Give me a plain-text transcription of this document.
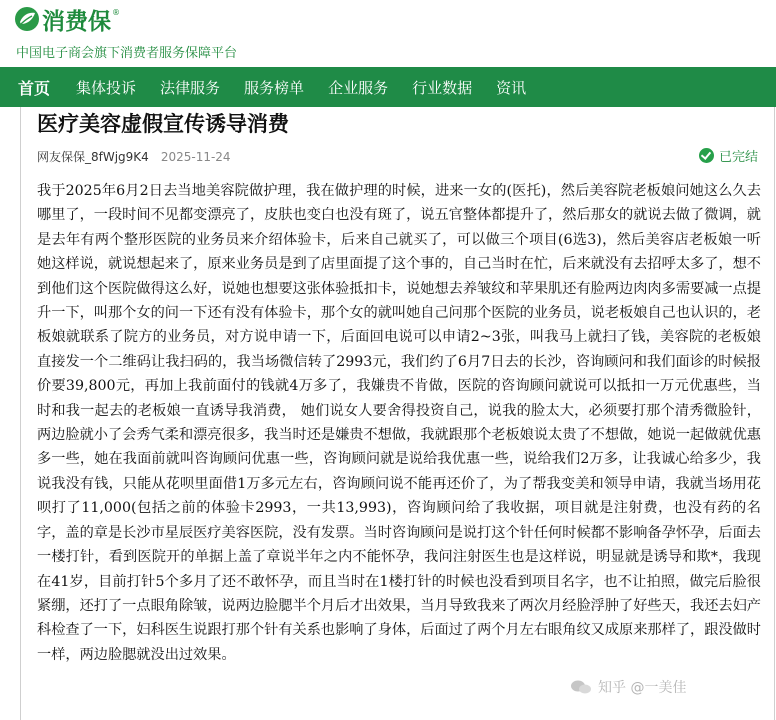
消费保 ®
中国电子商会旗下消费者服务保障平台
首页 集体投诉 法律服务 服务榜单 企业服务 行业数据 资讯
医疗美容虚假宣传诱导消费
网友保保_8fWjg9K4 2025-11-24	已完结

我于2025年6月2日去当地美容院做护理，我在做护理的时候，进来一女的(医托)，然后美容院老板娘问她这么久去哪里了，一段时间不见都变漂亮了，皮肤也变白也没有斑了，说五官整体都提升了，然后那女的就说去做了微调，就是去年有两个整形医院的业务员来介绍体验卡，后来自己就买了，可以做三个项目(6选3)，然后美容店老板娘一听她这样说，就说想起来了，原来业务员是到了店里面提了这个事的，自己当时在忙，后来就没有去招呼太多了，想不到他们这个医院做得这么好，说她也想要这张体验抵扣卡，说她想去养皱纹和苹果肌还有脸两边肉肉多需要减一点提升一下，叫那个女的问一下还有没有体验卡，那个女的就叫她自己问那个医院的业务员，说老板娘自己也认识的，老板娘就联系了院方的业务员，对方说申请一下，后面回电说可以申请2~3张，叫我马上就扫了钱，美容院的老板娘直接发一个二维码让我扫码的，我当场微信转了2993元，我们约了6月7日去的长沙，咨询顾问和我们面诊的时候报价要39,800元，再加上我前面付的钱就4万多了，我嫌贵不肯做，医院的咨询顾问就说可以抵扣一万元优惠些，当时和我一起去的老板娘一直诱导我消费， 她们说女人要舍得投资自己，说我的脸太大，必须要打那个清秀微脸针，两边脸就小了会秀气柔和漂亮很多，我当时还是嫌贵不想做，我就跟那个老板娘说太贵了不想做，她说一起做就优惠多一些，她在我面前就叫咨询顾问优惠一些，咨询顾问就是说给我优惠一些，说给我们2万多，让我诚心给多少，我说我没有钱，只能从花呗里面借1万多元左右，咨询顾问说不能再还价了，为了帮我变美和领导申请，我就当场用花呗打了11,000(包括之前的体验卡2993，一共13,993)，咨询顾问给了我收据，项目就是注射费，也没有药的名字，盖的章是长沙市星辰医疗美容医院，没有发票。当时咨询顾问是说打这个针任何时候都不影响备孕怀孕，后面去一楼打针，看到医院开的单据上盖了章说半年之内不能怀孕，我问注射医生也是这样说，明显就是诱导和欺*，我现在41岁，目前打针5个多月了还不敢怀孕，而且当时在1楼打针的时候也没看到项目名字，也不让拍照，做完后脸很紧绷，还打了一点眼角除皱，说两边脸腮半个月后才出效果，当月导致我来了两次月经脸浮肿了好些天，我还去妇产科检查了一下，妇科医生说跟打那个针有关系也影响了身体，后面过了两个月左右眼角纹又成原来那样了，跟没做时一样，两边脸腮就没出过效果。

知乎 @一美佳
